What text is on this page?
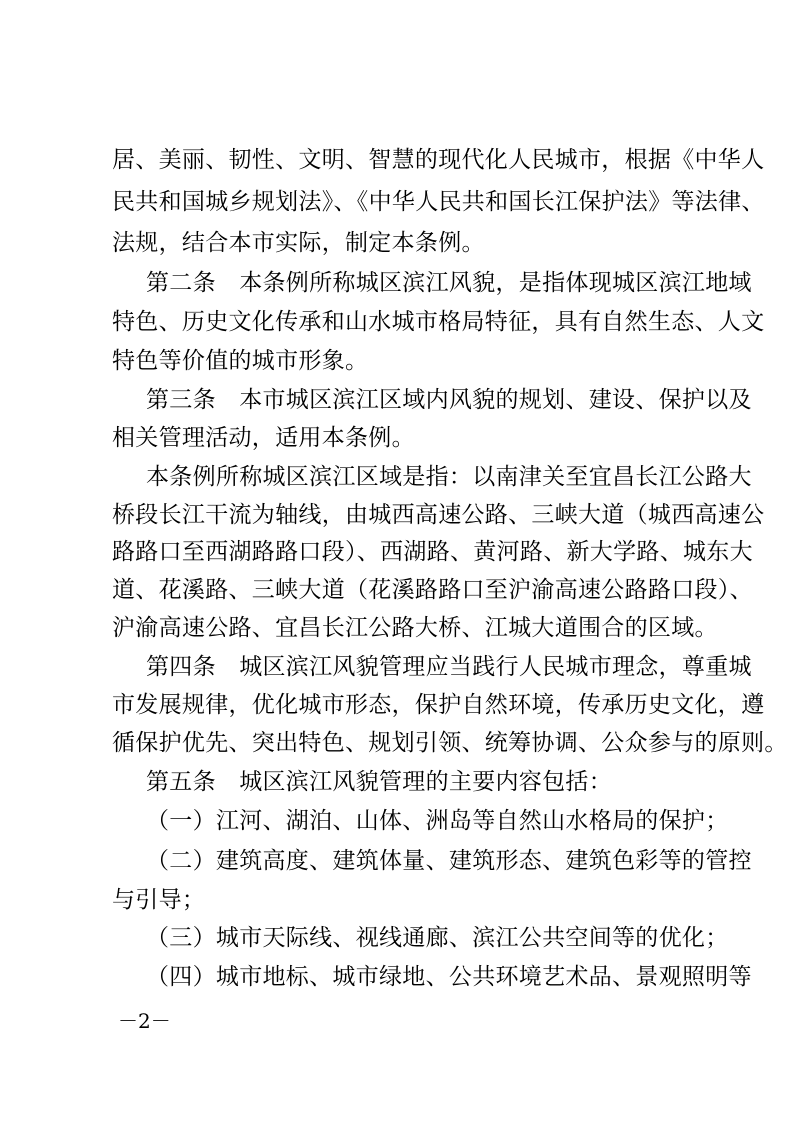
居、美丽、韧性、文明、智慧的现代化人民城市，根据《中华人
民共和国城乡规划法》、《中华人民共和国长江保护法》等法律、
法规，结合本市实际，制定本条例。
第二条　本条例所称城区滨江风貌，是指体现城区滨江地域
特色、历史文化传承和山水城市格局特征，具有自然生态、人文
特色等价值的城市形象。
第三条　本市城区滨江区域内风貌的规划、建设、保护以及
相关管理活动，适用本条例。
本条例所称城区滨江区域是指：以南津关至宜昌长江公路大
桥段长江干流为轴线，由城西高速公路、三峡大道（城西高速公
路路口至西湖路路口段）、西湖路、黄河路、新大学路、城东大
道、花溪路、三峡大道（花溪路路口至沪渝高速公路路口段）、
沪渝高速公路、宜昌长江公路大桥、江城大道围合的区域。
第四条　城区滨江风貌管理应当践行人民城市理念，尊重城
市发展规律，优化城市形态，保护自然环境，传承历史文化，遵
循保护优先、突出特色、规划引领、统筹协调、公众参与的原则。
第五条　城区滨江风貌管理的主要内容包括：
（一）江河、湖泊、山体、洲岛等自然山水格局的保护；
（二）建筑高度、建筑体量、建筑形态、建筑色彩等的管控
与引导；
（三）城市天际线、视线通廊、滨江公共空间等的优化；
（四）城市地标、城市绿地、公共环境艺术品、景观照明等
－2－
